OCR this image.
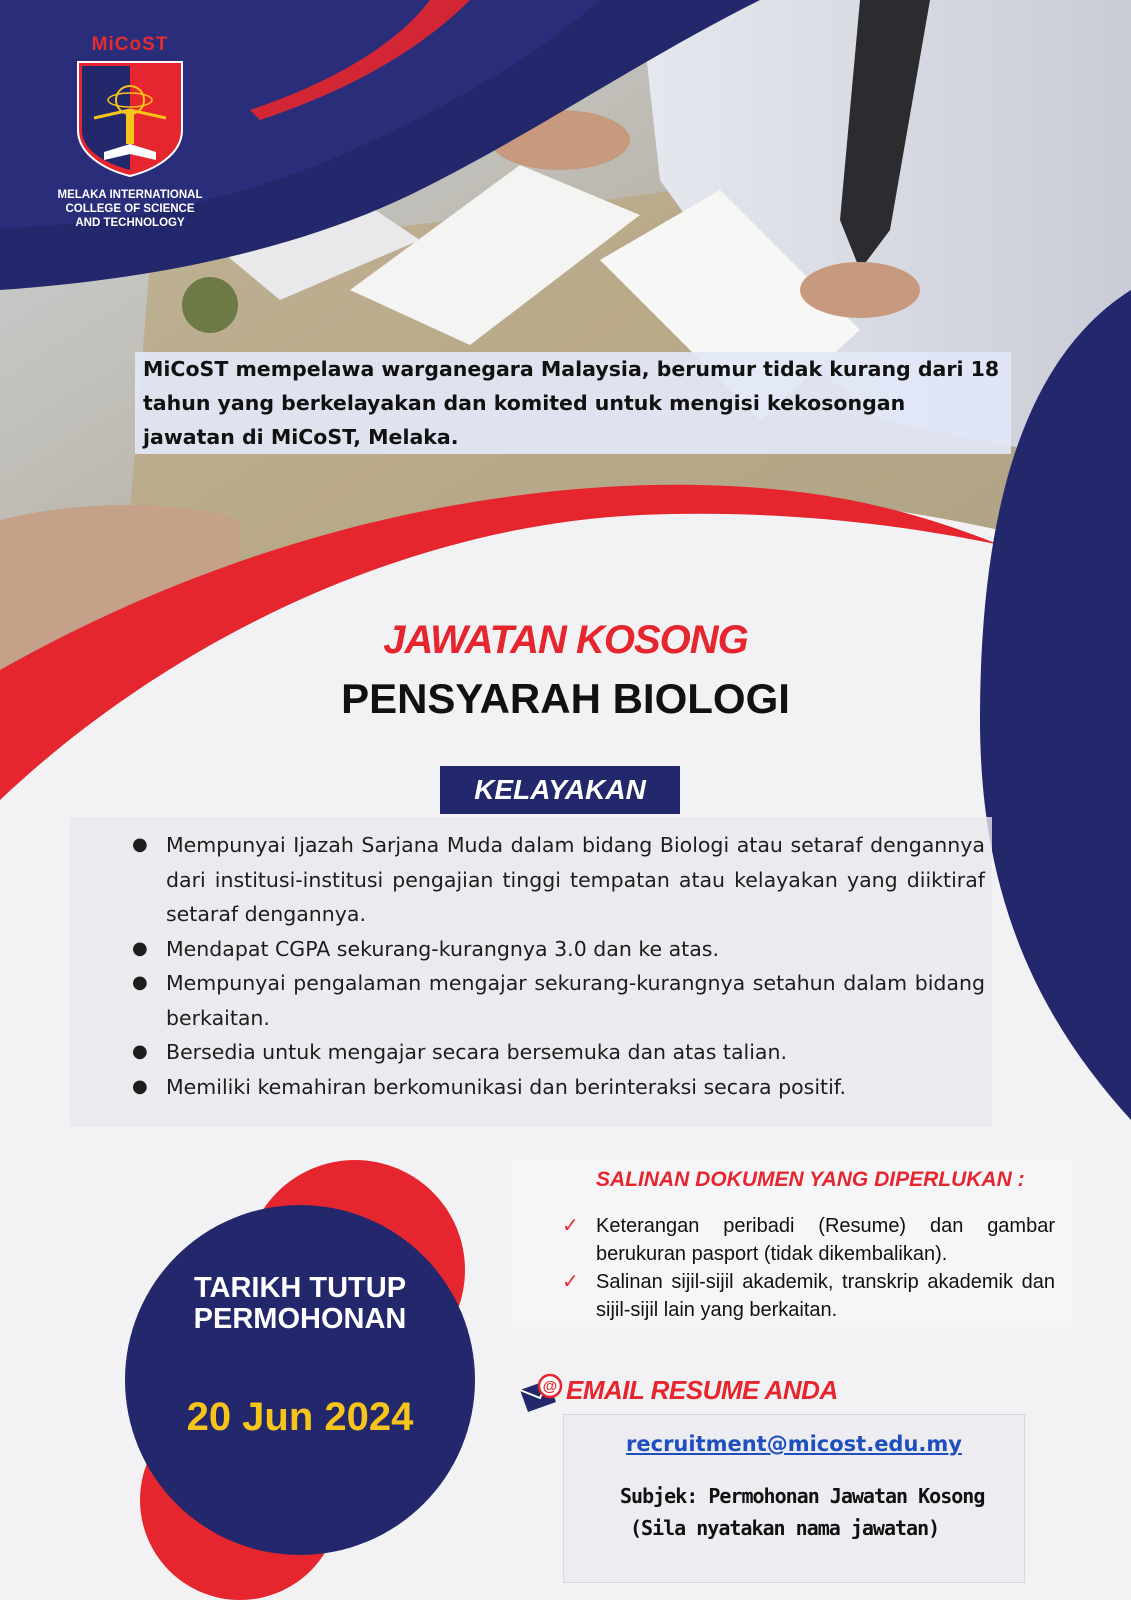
MiCoST
MELAKA INTERNATIONAL
COLLEGE OF SCIENCE
AND TECHNOLOGY
MiCoST mempelawa warganegara Malaysia, berumur tidak kurang dari 18 tahun yang berkelayakan dan komited untuk mengisi kekosongan jawatan di MiCoST, Melaka.
JAWATAN KOSONG
PENSYARAH BIOLOGI
KELAYAKAN
● Mempunyai Ijazah Sarjana Muda dalam bidang Biologi atau setaraf dengannya dari institusi-institusi pengajian tinggi tempatan atau kelayakan yang diiktiraf setaraf dengannya.
● Mendapat CGPA sekurang-kurangnya 3.0 dan ke atas.
● Mempunyai pengalaman mengajar sekurang-kurangnya setahun dalam bidang berkaitan.
● Bersedia untuk mengajar secara bersemuka dan atas talian.
● Memiliki kemahiran berkomunikasi dan berinteraksi secara positif.
SALINAN DOKUMEN YANG DIPERLUKAN :
✓ Keterangan peribadi (Resume) dan gambar berukuran pasport (tidak dikembalikan).
✓ Salinan sijil-sijil akademik, transkrip akademik dan sijil-sijil lain yang berkaitan.
TARIKH TUTUP
PERMOHONAN
20 Jun 2024
@ EMAIL RESUME ANDA
recruitment@micost.edu.my
Subjek: Permohonan Jawatan Kosong
(Sila nyatakan nama jawatan)
